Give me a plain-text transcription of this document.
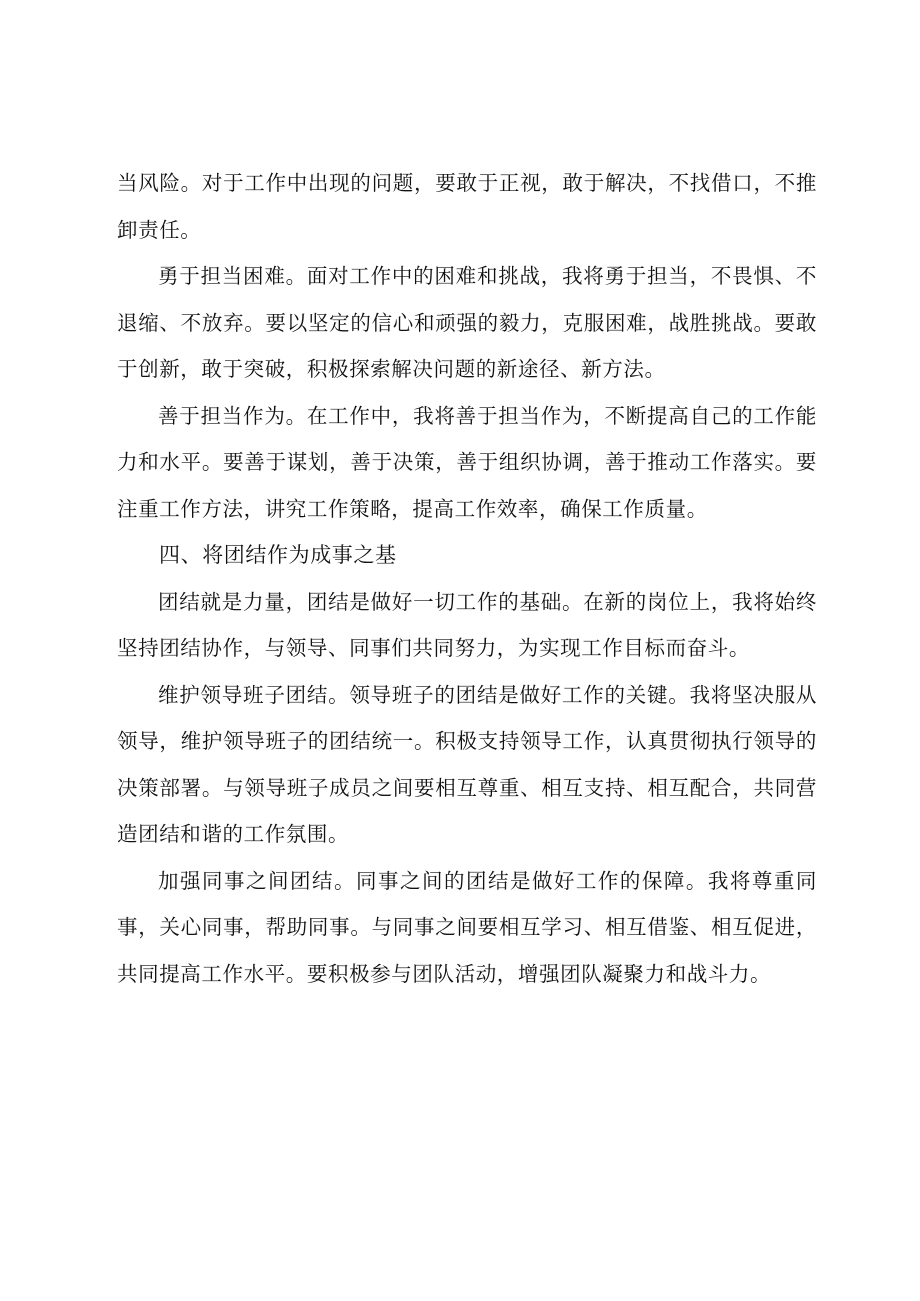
当风险。对于工作中出现的问题，要敢于正视，敢于解决，不找借口，不推卸责任。

勇于担当困难。面对工作中的困难和挑战，我将勇于担当，不畏惧、不退缩、不放弃。要以坚定的信心和顽强的毅力，克服困难，战胜挑战。要敢于创新，敢于突破，积极探索解决问题的新途径、新方法。

善于担当作为。在工作中，我将善于担当作为，不断提高自己的工作能力和水平。要善于谋划，善于决策，善于组织协调，善于推动工作落实。要注重工作方法，讲究工作策略，提高工作效率，确保工作质量。

四、将团结作为成事之基

团结就是力量，团结是做好一切工作的基础。在新的岗位上，我将始终坚持团结协作，与领导、同事们共同努力，为实现工作目标而奋斗。

维护领导班子团结。领导班子的团结是做好工作的关键。我将坚决服从领导，维护领导班子的团结统一。积极支持领导工作，认真贯彻执行领导的决策部署。与领导班子成员之间要相互尊重、相互支持、相互配合，共同营造团结和谐的工作氛围。

加强同事之间团结。同事之间的团结是做好工作的保障。我将尊重同事，关心同事，帮助同事。与同事之间要相互学习、相互借鉴、相互促进，共同提高工作水平。要积极参与团队活动，增强团队凝聚力和战斗力。
